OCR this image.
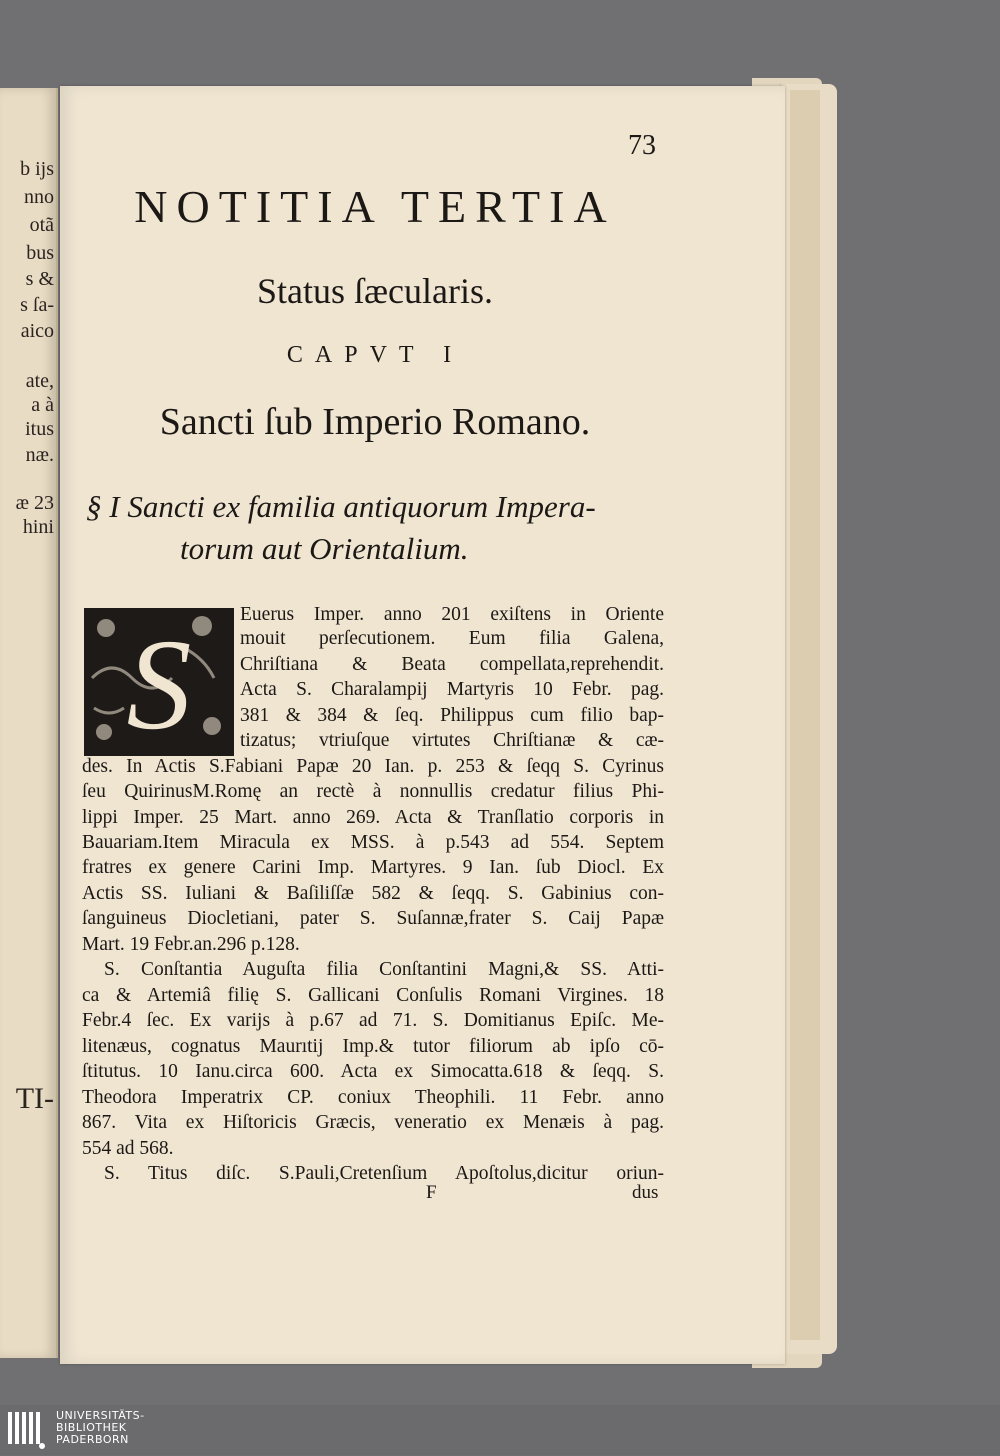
b ijs
nno
otã
bus
s &
s ſa-
aico
ate,
a à
itus
næ.
æ 23
hini
TI-
73
NOTITIA TERTIA
Status ſæcularis.
CAPVT I
Sancti ſub Imperio Romano.
§ I Sancti ex familia antiquorum Impera-
torum aut Orientalium.
S Euerus Imper. anno 201 exiſtens in Oriente
mouit perſecutionem. Eum filia Galena,
Chriſtiana & Beata compellata,reprehendit.
Acta S. Charalampij Martyris 10 Febr. pag.
381 & 384 & ſeq. Philippus cum filio bap-
tizatus; vtriuſque virtutes Chriſtianæ & cæ-
des. In Actis S.Fabiani Papæ 20 Ian. p. 253 & ſeqq S. Cyrinus
ſeu QuirinusM.Romę an rectè à nonnullis credatur filius Phi-
lippi Imper. 25 Mart. anno 269. Acta & Tranſlatio corporis in
Bauariam.Item Miracula ex MSS. à p.543 ad 554. Septem
fratres ex genere Carini Imp. Martyres. 9 Ian. ſub Diocl. Ex
Actis SS. Iuliani & Baſiliſſæ 582 & ſeqq. S. Gabinius con-
ſanguineus Diocletiani, pater S. Suſannæ,frater S. Caij Papæ
Mart. 19 Febr.an.296 p.128.
S. Conſtantia Auguſta filia Conſtantini Magni,& SS. Atti-
ca & Artemiâ filię S. Gallicani Conſulis Romani Virgines. 18
Febr.4 ſec. Ex varijs à p.67 ad 71. S. Domitianus Epiſc. Me-
litenæus, cognatus Maurıtij Imp.& tutor filiorum ab ipſo cō-
ſtitutus. 10 Ianu.circa 600. Acta ex Simocatta.618 & ſeqq. S.
Theodora Imperatrix CP. coniux Theophili. 11 Febr. anno
867. Vita ex Hiſtoricis Græcis, veneratio ex Menæis à pag.
554 ad 568.
S. Titus diſc. S.Pauli,Cretenſium Apoſtolus,dicitur oriun-
F	dus
UNIVERSITÄTS-
BIBLIOTHEK
PADERBORN
